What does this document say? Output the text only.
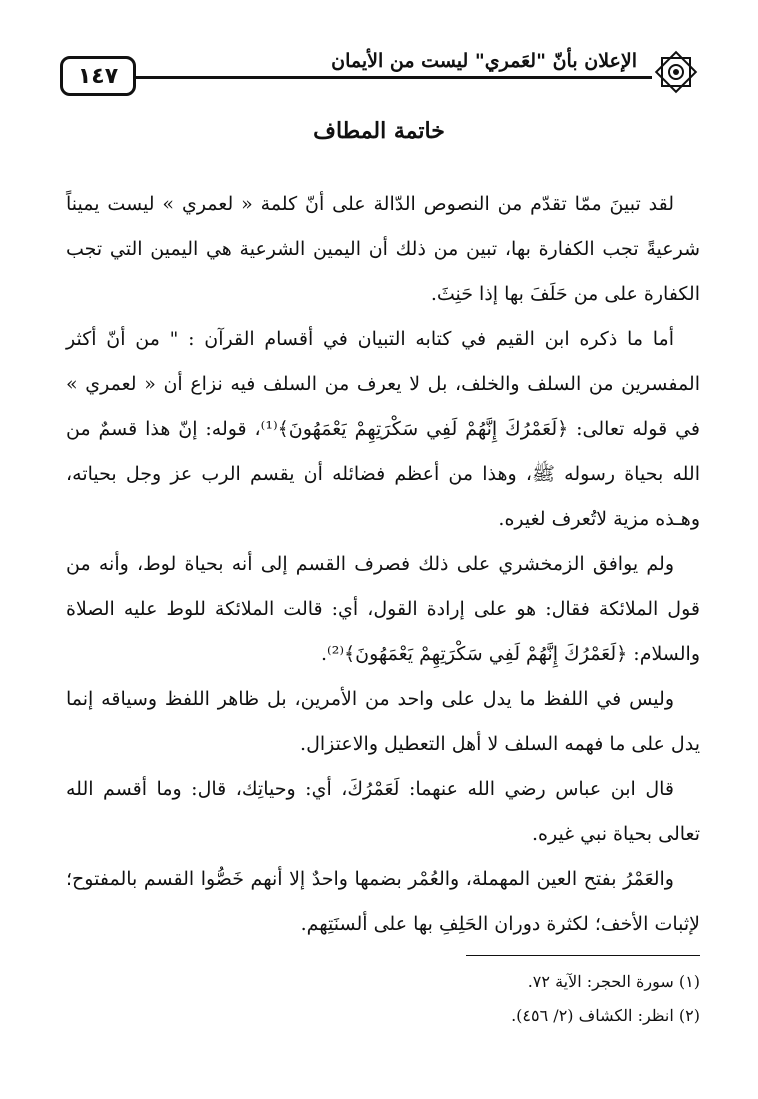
١٤٧
الإعلان بأنّ "لعَمري" ليست من الأيمان
خاتمة المطاف

لقد تبينَ ممّا تقدّم من النصوص الدّالة على أنّ كلمة « لعمري » ليست يميناً شرعيةً تجب الكفارة بها، تبين من ذلك أن اليمين الشرعية هي اليمين التي تجب الكفارة على من حَلَفَ بها إذا حَنِثَ.

أما ما ذكره ابن القيم في كتابه التبيان في أقسام القرآن : " من أنّ أكثر المفسرين من السلف والخلف، بل لا يعرف من السلف فيه نزاع أن « لعمري » في قوله تعالى: ﴿لَعَمْرُكَ إِنَّهُمْ لَفِي سَكْرَتِهِمْ يَعْمَهُونَ﴾⁽¹⁾، قوله: إنّ هذا قسمٌ من الله بحياة رسوله ﷺ، وهذا من أعظم فضائله أن يقسم الرب عز وجل بحياته، وهـذه مزية لاتُعرف لغيره.

ولم يوافق الزمخشري على ذلك فصرف القسم إلى أنه بحياة لوط، وأنه من قول الملائكة فقال: هو على إرادة القول، أي: قالت الملائكة للوط عليه الصلاة والسلام: ﴿لَعَمْرُكَ إِنَّهُمْ لَفِي سَكْرَتِهِمْ يَعْمَهُونَ﴾⁽²⁾.

وليس في اللفظ ما يدل على واحد من الأمرين، بل ظاهر اللفظ وسياقه إنما يدل على ما فهمه السلف لا أهل التعطيل والاعتزال.

قال ابن عباس رضي الله عنهما: لَعَمْرُكَ، أي: وحياتِك، قال: وما أقسم الله تعالى بحياة نبي غيره.

والعَمْرُ بفتح العين المهملة، والعُمْر بضمها واحدٌ إلا أنهم خَصُّوا القسم بالمفتوح؛ لإثبات الأخف؛ لكثرة دوران الحَلِفِ بها على ألسنَتِهم.

(١) سورة الحجر: الآية ٧٢.

(٢) انظر: الكشاف (٢/ ٤٥٦).
